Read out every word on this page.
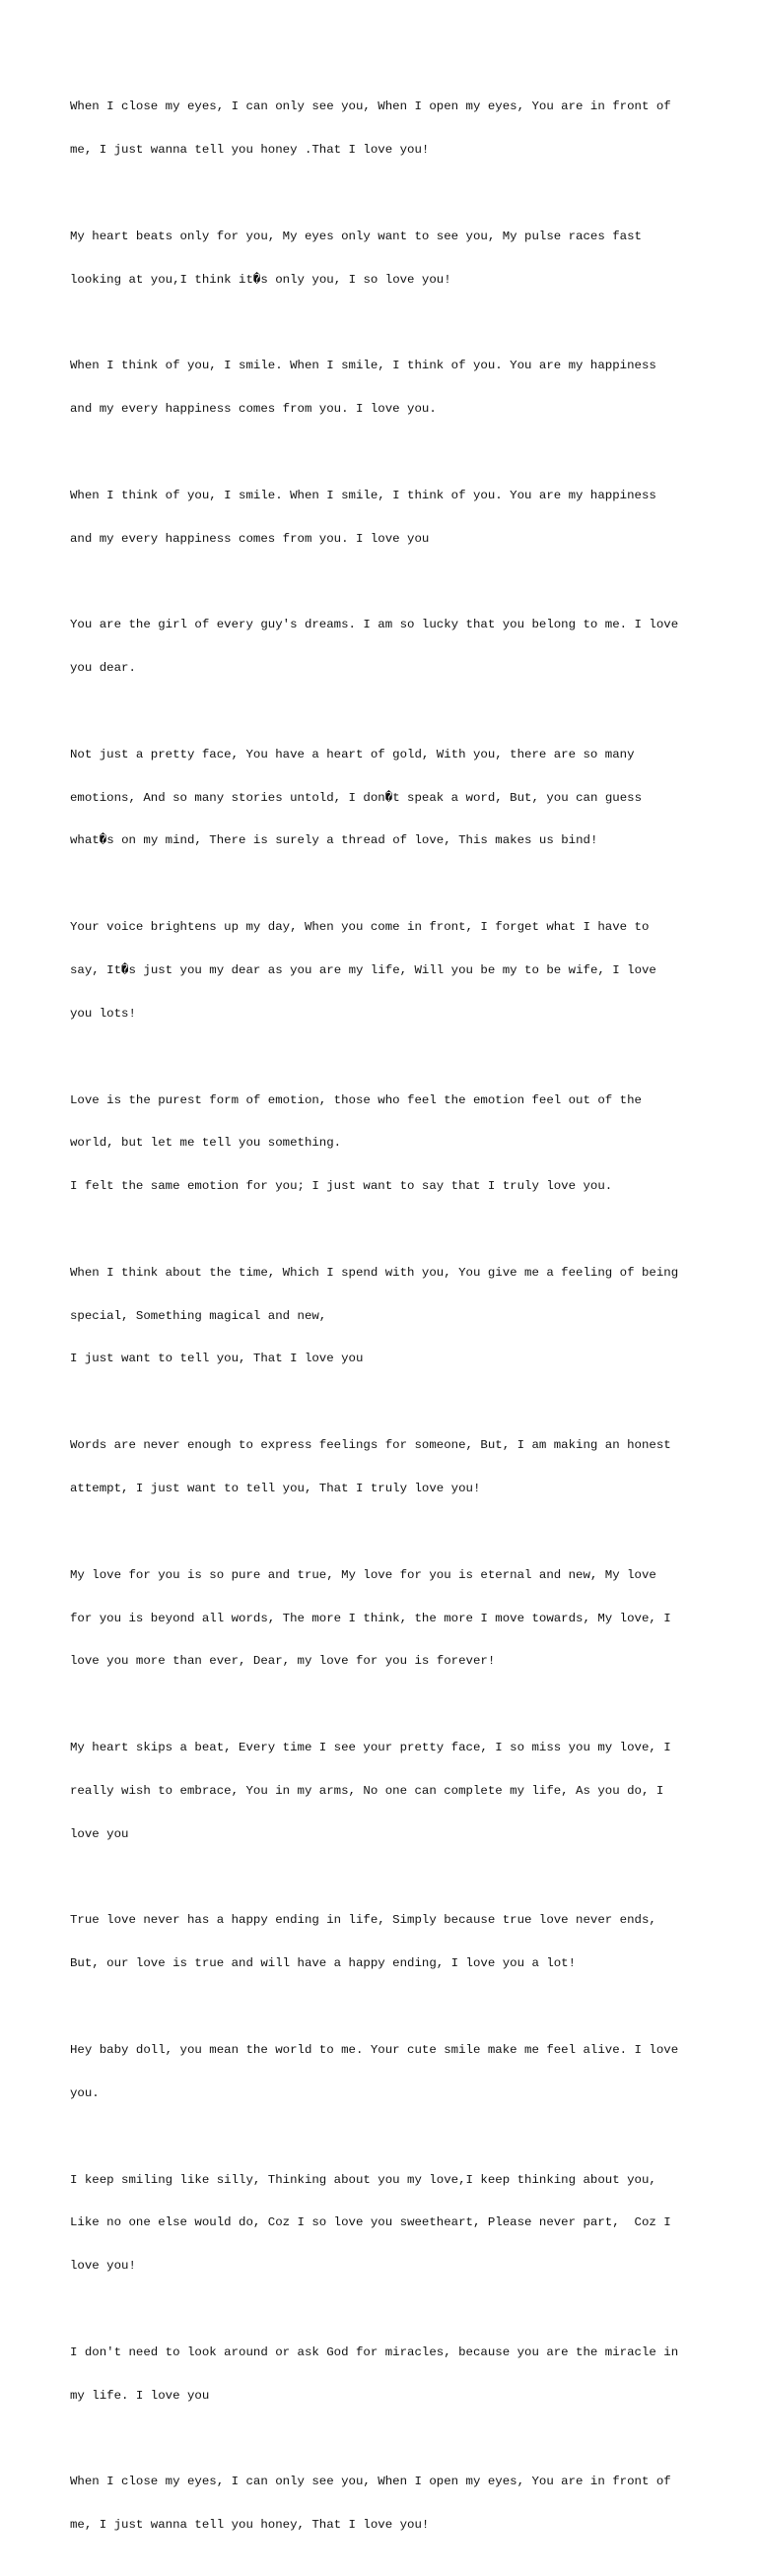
When I close my eyes, I can only see you, When I open my eyes, You are in front of

me, I just wanna tell you honey .That I love you!

My heart beats only for you, My eyes only want to see you, My pulse races fast

looking at you,I think it�s only you, I so love you!

When I think of you, I smile. When I smile, I think of you. You are my happiness

and my every happiness comes from you. I love you.

When I think of you, I smile. When I smile, I think of you. You are my happiness

and my every happiness comes from you. I love you

You are the girl of every guy's dreams. I am so lucky that you belong to me. I love

you dear.

Not just a pretty face, You have a heart of gold, With you, there are so many

emotions, And so many stories untold, I don�t speak a word, But, you can guess

what�s on my mind, There is surely a thread of love, This makes us bind!

Your voice brightens up my day, When you come in front, I forget what I have to

say, It�s just you my dear as you are my life, Will you be my to be wife, I love

you lots!

Love is the purest form of emotion, those who feel the emotion feel out of the

world, but let me tell you something.

I felt the same emotion for you; I just want to say that I truly love you.

When I think about the time, Which I spend with you, You give me a feeling of being

special, Something magical and new,

I just want to tell you, That I love you

Words are never enough to express feelings for someone, But, I am making an honest

attempt, I just want to tell you, That I truly love you!

My love for you is so pure and true, My love for you is eternal and new, My love

for you is beyond all words, The more I think, the more I move towards, My love, I

love you more than ever, Dear, my love for you is forever!

My heart skips a beat, Every time I see your pretty face, I so miss you my love, I

really wish to embrace, You in my arms, No one can complete my life, As you do, I

love you

True love never has a happy ending in life, Simply because true love never ends,

But, our love is true and will have a happy ending, I love you a lot!

Hey baby doll, you mean the world to me. Your cute smile make me feel alive. I love

you.

I keep smiling like silly, Thinking about you my love,I keep thinking about you,

Like no one else would do, Coz I so love you sweetheart, Please never part,  Coz I

love you!

I don't need to look around or ask God for miracles, because you are the miracle in

my life. I love you

When I close my eyes, I can only see you, When I open my eyes, You are in front of

me, I just wanna tell you honey, That I love you!
